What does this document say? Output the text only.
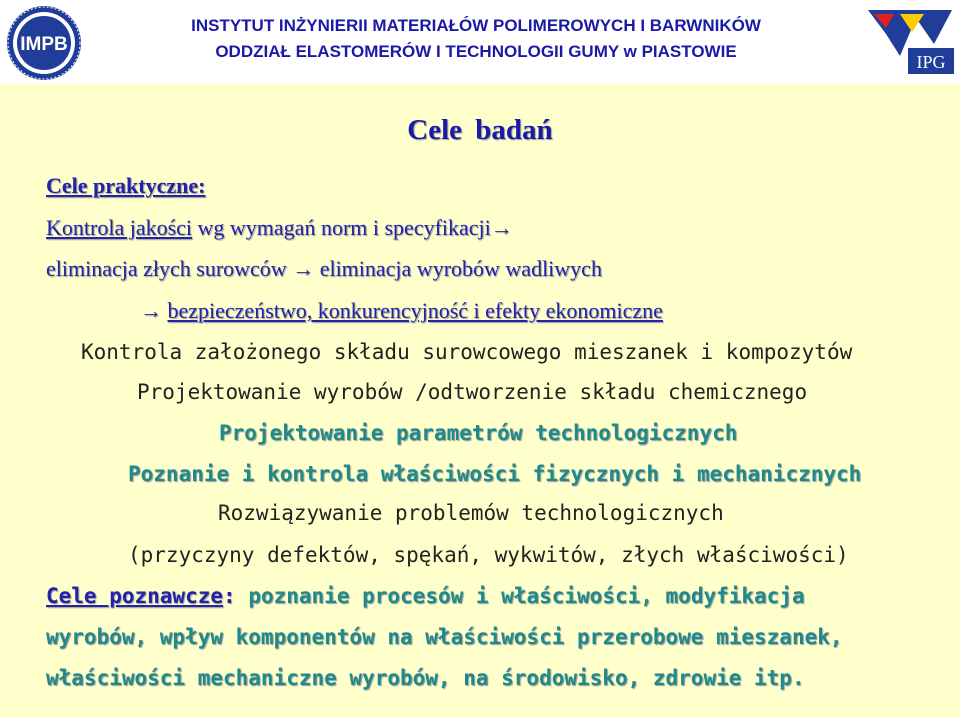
IMPB
INSTYTUT INŻYNIERII MATERIAŁÓW POLIMEROWYCH I BARWNIKÓW
ODDZIAŁ ELASTOMERÓW I TECHNOLOGII GUMY w PIASTOWIE
IPG
Cele badań
Cele praktyczne:
Kontrola jakości wg wymagań norm i specyfikacji→
eliminacja złych surowców → eliminacja wyrobów wadliwych
→ bezpieczeństwo, konkurencyjność i efekty ekonomiczne
Kontrola założonego składu surowcowego mieszanek i kompozytów
Projektowanie wyrobów /odtworzenie składu chemicznego
Projektowanie parametrów technologicznych
Poznanie i kontrola właściwości fizycznych i mechanicznych
Rozwiązywanie problemów technologicznych
(przyczyny defektów, spękań, wykwitów, złych właściwości)
Cele poznawcze: poznanie procesów i właściwości, modyfikacja
wyrobów, wpływ komponentów na właściwości przerobowe mieszanek,
właściwości mechaniczne wyrobów, na środowisko, zdrowie itp.
